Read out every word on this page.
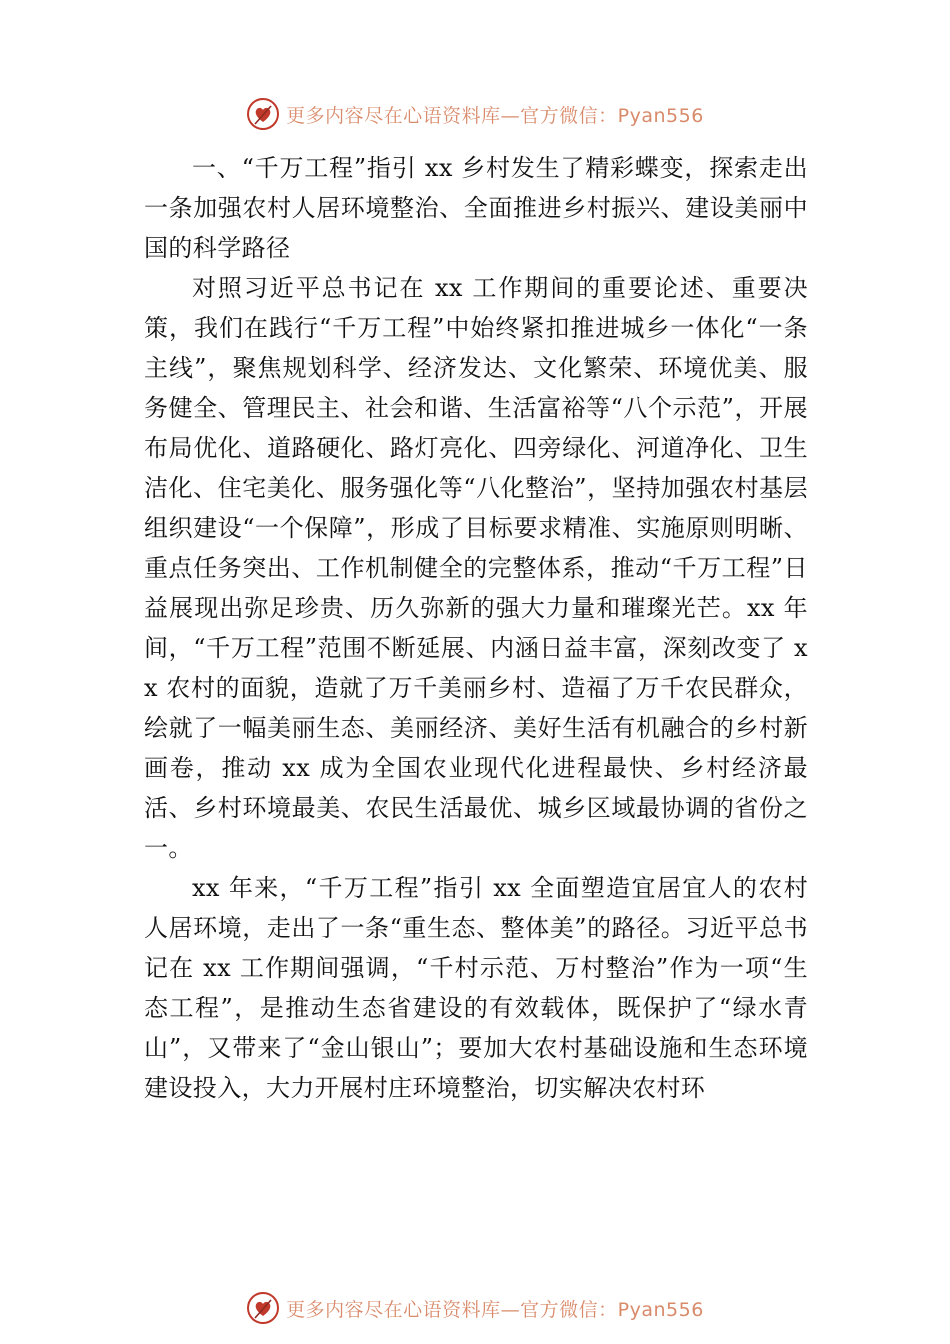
更多内容尽在心语资料库—官方微信：Pyan556

一、“千万工程”指引 xx 乡村发生了精彩蝶变，探索走出一条加强农村人居环境整治、全面推进乡村振兴、建设美丽中国的科学路径

对照习近平总书记在 xx 工作期间的重要论述、重要决策，我们在践行“千万工程”中始终紧扣推进城乡一体化“一条主线”，聚焦规划科学、经济发达、文化繁荣、环境优美、服务健全、管理民主、社会和谐、生活富裕等“八个示范”，开展布局优化、道路硬化、路灯亮化、四旁绿化、河道净化、卫生洁化、住宅美化、服务强化等“八化整治”，坚持加强农村基层组织建设“一个保障”，形成了目标要求精准、实施原则明晰、重点任务突出、工作机制健全的完整体系，推动“千万工程”日益展现出弥足珍贵、历久弥新的强大力量和璀璨光芒。xx 年间，“千万工程”范围不断延展、内涵日益丰富，深刻改变了 xx 农村的面貌，造就了万千美丽乡村、造福了万千农民群众，绘就了一幅美丽生态、美丽经济、美好生活有机融合的乡村新画卷，推动 xx 成为全国农业现代化进程最快、乡村经济最活、乡村环境最美、农民生活最优、城乡区域最协调的省份之一。

xx 年来，“千万工程”指引 xx 全面塑造宜居宜人的农村人居环境，走出了一条“重生态、整体美”的路径。习近平总书记在 xx 工作期间强调，“千村示范、万村整治”作为一项“生态工程”，是推动生态省建设的有效载体，既保护了“绿水青山”，又带来了“金山银山”；要加大农村基础设施和生态环境建设投入，大力开展村庄环境整治，切实解决农村环

更多内容尽在心语资料库—官方微信：Pyan556
